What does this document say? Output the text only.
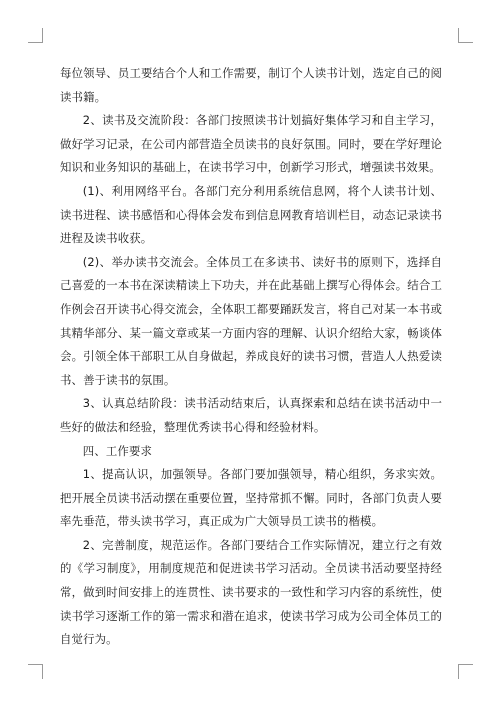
每位领导、员工要结合个人和工作需要，制订个人读书计划，选定自己的阅读书籍。

2、读书及交流阶段：各部门按照读书计划搞好集体学习和自主学习，做好学习记录，在公司内部营造全员读书的良好氛围。同时，要在学好理论知识和业务知识的基础上，在读书学习中，创新学习形式，增强读书效果。

(1)、利用网络平台。各部门充分利用系统信息网，将个人读书计划、读书进程、读书感悟和心得体会发布到信息网教育培训栏目，动态记录读书进程及读书收获。

(2)、举办读书交流会。全体员工在多读书、读好书的原则下，选择自己喜爱的一本书在深读精读上下功夫，并在此基础上撰写心得体会。结合工作例会召开读书心得交流会，全体职工都要踊跃发言，将自己对某一本书或其精华部分、某一篇文章或某一方面内容的理解、认识介绍给大家，畅谈体会。引领全体干部职工从自身做起，养成良好的读书习惯，营造人人热爱读书、善于读书的氛围。

3、认真总结阶段：读书活动结束后，认真探索和总结在读书活动中一些好的做法和经验，整理优秀读书心得和经验材料。

四、工作要求

1、提高认识，加强领导。各部门要加强领导，精心组织，务求实效。把开展全员读书活动摆在重要位置，坚持常抓不懈。同时，各部门负责人要率先垂范，带头读书学习，真正成为广大领导员工读书的楷模。

2、完善制度，规范运作。各部门要结合工作实际情况，建立行之有效的《学习制度》，用制度规范和促进读书学习活动。全员读书活动要坚持经常，做到时间安排上的连贯性、读书要求的一致性和学习内容的系统性，使读书学习逐渐工作的第一需求和潜在追求，使读书学习成为公司全体员工的自觉行为。
